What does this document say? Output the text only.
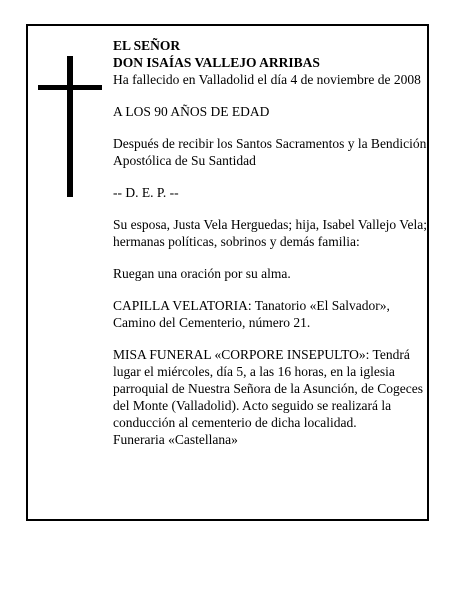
EL SEÑOR

DON ISAÍAS VALLEJO ARRIBAS

Ha fallecido en Valladolid el día 4 de noviembre de 2008

A LOS 90 AÑOS DE EDAD

Después de recibir los Santos Sacramentos y la Bendición Apostólica de Su Santidad

-- D. E. P. --

Su esposa, Justa Vela Herguedas; hija, Isabel Vallejo Vela; hermanas políticas, sobrinos y demás familia:

Ruegan una oración por su alma.

CAPILLA VELATORIA: Tanatorio «El Salvador», Camino del Cementerio, número 21.

MISA FUNERAL «CORPORE INSEPULTO»: Tendrá lugar el miércoles, día 5, a las 16 horas, en la iglesia parroquial de Nuestra Señora de la Asunción, de Cogeces del Monte (Valladolid). Acto seguido se realizará la conducción al cementerio de dicha localidad.

Funeraria «Castellana»
